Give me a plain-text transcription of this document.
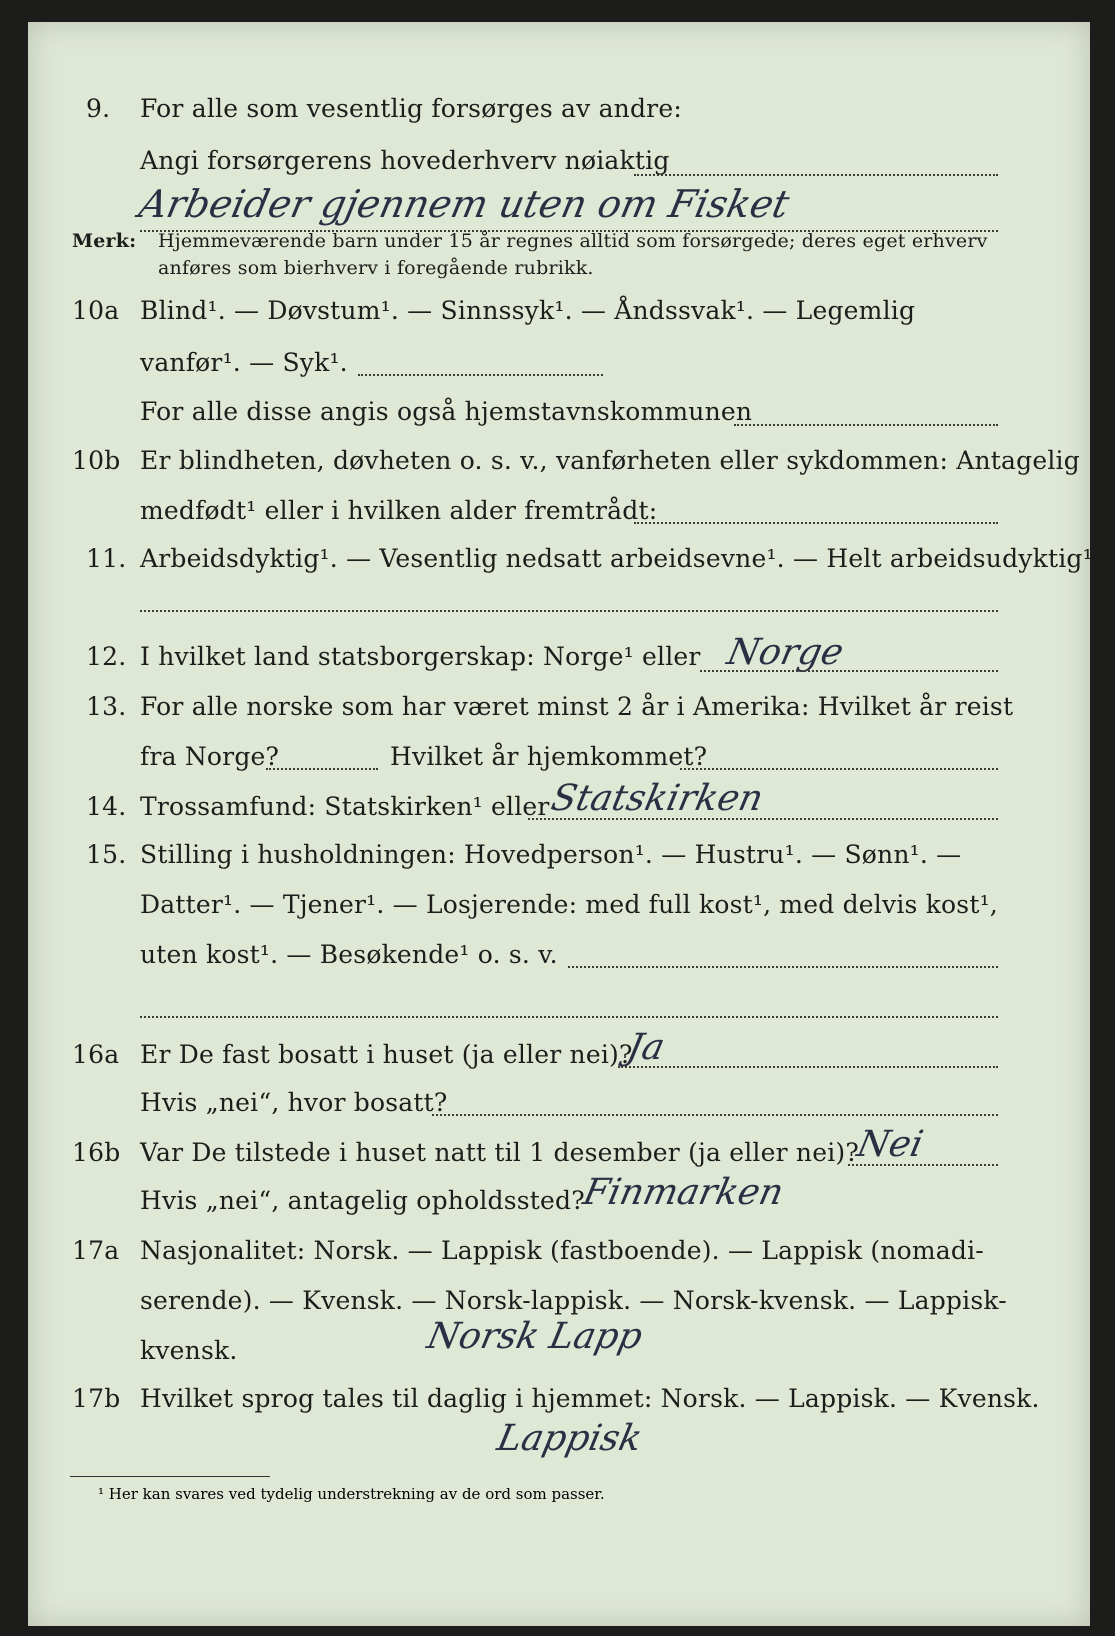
9. For alle som vesentlig forsørges av andre:
Angi forsørgerens hovederhverv nøiaktig
Arbeider gjennem uten om Fisket
Merk: Hjemmeværende barn under 15 år regnes alltid som forsørgede; deres eget erhverv
anføres som bierhverv i foregående rubrikk.
10a Blind¹. — Døvstum¹. — Sinnssyk¹. — Åndssvak¹. — Legemlig
vanfør¹. — Syk¹.
For alle disse angis også hjemstavnskommunen
10b Er blindheten, døvheten o. s. v., vanførheten eller sykdommen: Antagelig
medfødt¹ eller i hvilken alder fremtrådt:
11. Arbeidsdyktig¹. — Vesentlig nedsatt arbeidsevne¹. — Helt arbeidsudyktig¹.
12. I hvilket land statsborgerskap: Norge¹ eller Norge
13. For alle norske som har været minst 2 år i Amerika: Hvilket år reist
fra Norge?	Hvilket år hjemkommet?
14. Trossamfund: Statskirken¹ eller
Statskirken
15. Stilling i husholdningen: Hovedperson¹. — Hustru¹. — Sønn¹. —
Datter¹. — Tjener¹. — Losjerende: med full kost¹, med delvis kost¹,
uten kost¹. — Besøkende¹ o. s. v.
16a Er De fast bosatt i huset (ja eller nei)?
Ja
Hvis „nei“, hvor bosatt?
16b Var De tilstede i huset natt til 1 desember (ja eller nei)?
Nei
Hvis „nei“, antagelig opholdssted?
Finmarken
17a Nasjonalitet: Norsk. — Lappisk (fastboende). — Lappisk (nomadi-
serende). — Kvensk. — Norsk-lappisk. — Norsk-kvensk. — Lappisk-
kvensk.	Norsk Lapp
17b Hvilket sprog tales til daglig i hjemmet: Norsk. — Lappisk. — Kvensk.
Lappisk
¹ Her kan svares ved tydelig understrekning av de ord som passer.
